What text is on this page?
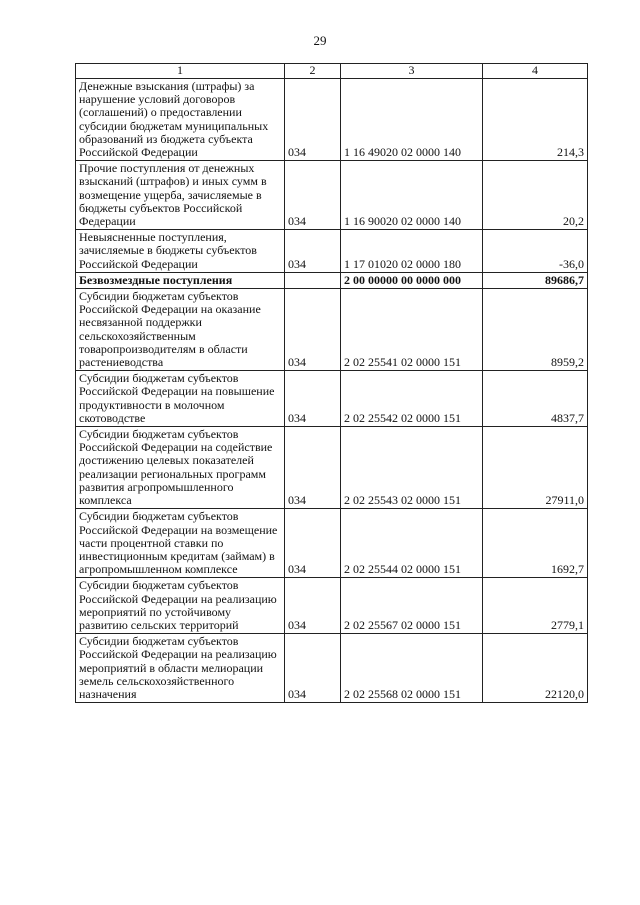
29
1	2	3	4
Денежные взыскания (штрафы) за нарушение условий договоров (соглашений) о предоставлении субсидии бюджетам муниципальных образований из бюджета субъекта Российской Федерации	034	1 16 49020 02 0000 140	214,3
Прочие поступления от денежных взысканий (штрафов) и иных сумм в возмещение ущерба, зачисляемые в бюджеты субъектов Российской Федерации	034	1 16 90020 02 0000 140	20,2
Невыясненные поступления, зачисляемые в бюджеты субъектов Российской Федерации	034	1 17 01020 02 0000 180	-36,0
Безвозмездные поступления		2 00 00000 00 0000 000	89686,7
Субсидии бюджетам субъектов Российской Федерации на оказание несвязанной поддержки сельскохозяйственным товаропроизводителям в области растениеводства	034	2 02 25541 02 0000 151	8959,2
Субсидии бюджетам субъектов Российской Федерации на повышение продуктивности в молочном скотоводстве	034	2 02 25542 02 0000 151	4837,7
Субсидии бюджетам субъектов Российской Федерации на содействие достижению целевых показателей реализации региональных программ развития агропромышленного комплекса	034	2 02 25543 02 0000 151	27911,0
Субсидии бюджетам субъектов Российской Федерации на возмещение части процентной ставки по инвестиционным кредитам (займам) в агропромышленном комплексе	034	2 02 25544 02 0000 151	1692,7
Субсидии бюджетам субъектов Российской Федерации на реализацию мероприятий по устойчивому развитию сельских территорий	034	2 02 25567 02 0000 151	2779,1
Субсидии бюджетам субъектов Российской Федерации на реализацию мероприятий в области мелиорации земель сельскохозяйственного назначения	034	2 02 25568 02 0000 151	22120,0
